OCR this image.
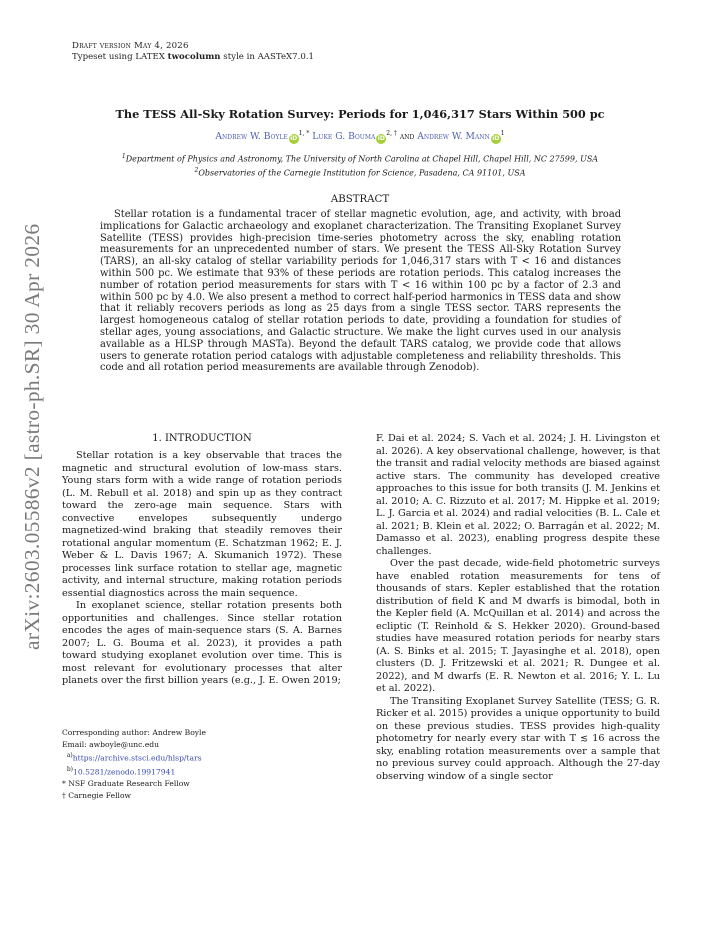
Draft version May 4, 2026
Typeset using LATEX twocolumn style in AASTeX7.0.1
The TESS All-Sky Rotation Survey: Periods for 1,046,317 Stars Within 500 pc
Andrew W. Boyle $iD^{1, *}$ Luke G. Bouma $iD^{2, \dagger}$ and Andrew W. Mann $iD^1$
$^1$Department of Physics and Astronomy, The University of North Carolina at Chapel Hill, Chapel Hill, NC 27599, USA
$^2$Observatories of the Carnegie Institution for Science, Pasadena, CA 91101, USA
ABSTRACT
Stellar rotation is a fundamental tracer of stellar magnetic evolution, age, and activity, with broad implications for Galactic archaeology and exoplanet characterization. The Transiting Exoplanet Survey Satellite (TESS) provides high-precision time-series photometry across the sky, enabling rotation measurements for an unprecedented number of stars. We present the TESS All-Sky Rotation Survey (TARS), an all-sky catalog of stellar variability periods for 1,046,317 stars with T < 16 and distances within 500 pc. We estimate that 93% of these periods are rotation periods. This catalog increases the number of rotation period measurements for stars with T < 16 within 100 pc by a factor of 2.3 and within 500 pc by 4.0. We also present a method to correct half-period harmonics in TESS data and show that it reliably recovers periods as long as 25 days from a single TESS sector. TARS represents the largest homogeneous catalog of stellar rotation periods to date, providing a foundation for studies of stellar ages, young associations, and Galactic structure. We make the light curves used in our analysis available as a HLSP through MASTa). Beyond the default TARS catalog, we provide code that allows users to generate rotation period catalogs with adjustable completeness and reliability thresholds. This code and all rotation period measurements are available through Zenodob).
arXiv:2603.05586v2 [astro-ph.SR] 30 Apr 2026	1. INTRODUCTION

Stellar rotation is a key observable that traces the magnetic and structural evolution of low-mass stars. Young stars form with a wide range of rotation periods (L. M. Rebull et al. 2018) and spin up as they contract toward the zero-age main sequence. Stars with convective envelopes subsequently undergo magnetized-wind braking that steadily removes their rotational angular momentum (E. Schatzman 1962; E. J. Weber & L. Davis 1967; A. Skumanich 1972). These processes link surface rotation to stellar age, magnetic activity, and internal structure, making rotation periods essential diagnostics across the main sequence.

In exoplanet science, stellar rotation presents both opportunities and challenges. Since stellar rotation encodes the ages of main-sequence stars (S. A. Barnes 2007; L. G. Bouma et al. 2023), it provides a path toward studying exoplanet evolution over time. This is most relevant for evolutionary processes that alter planets over the first billion years (e.g., J. E. Owen 2019;

F. Dai et al. 2024; S. Vach et al. 2024; J. H. Livingston et al. 2026). A key observational challenge, however, is that the transit and radial velocity methods are biased against active stars. The community has developed creative approaches to this issue for both transits (J. M. Jenkins et al. 2010; A. C. Rizzuto et al. 2017; M. Hippke et al. 2019; L. J. Garcia et al. 2024) and radial velocities (B. L. Cale et al. 2021; B. Klein et al. 2022; O. Barragán et al. 2022; M. Damasso et al. 2023), enabling progress despite these challenges.

Over the past decade, wide-field photometric surveys have enabled rotation measurements for tens of thousands of stars. Kepler established that the rotation distribution of field K and M dwarfs is bimodal, both in the Kepler field (A. McQuillan et al. 2014) and across the ecliptic (T. Reinhold & S. Hekker 2020). Ground-based studies have measured rotation periods for nearby stars (A. S. Binks et al. 2015; T. Jayasinghe et al. 2018), open clusters (D. J. Fritzewski et al. 2021; R. Dungee et al. 2022), and M dwarfs (E. R. Newton et al. 2016; Y. L. Lu et al. 2022).

The Transiting Exoplanet Survey Satellite (TESS; G. R. Ricker et al. 2015) provides a unique opportunity to build on these previous studies. TESS provides high-quality photometry for nearly every star with T ≲ 16 across the sky, enabling rotation measurements over a sample that no previous survey could approach. Although the 27-day observing window of a single sector

Corresponding author: Andrew Boyle
Email: awboyle@unc.edu
$^{a)}$https://archive.stsci.edu/hlsp/tars
$^{b)}$10.5281/zenodo.19917941
* NSF Graduate Research Fellow
† Carnegie Fellow
